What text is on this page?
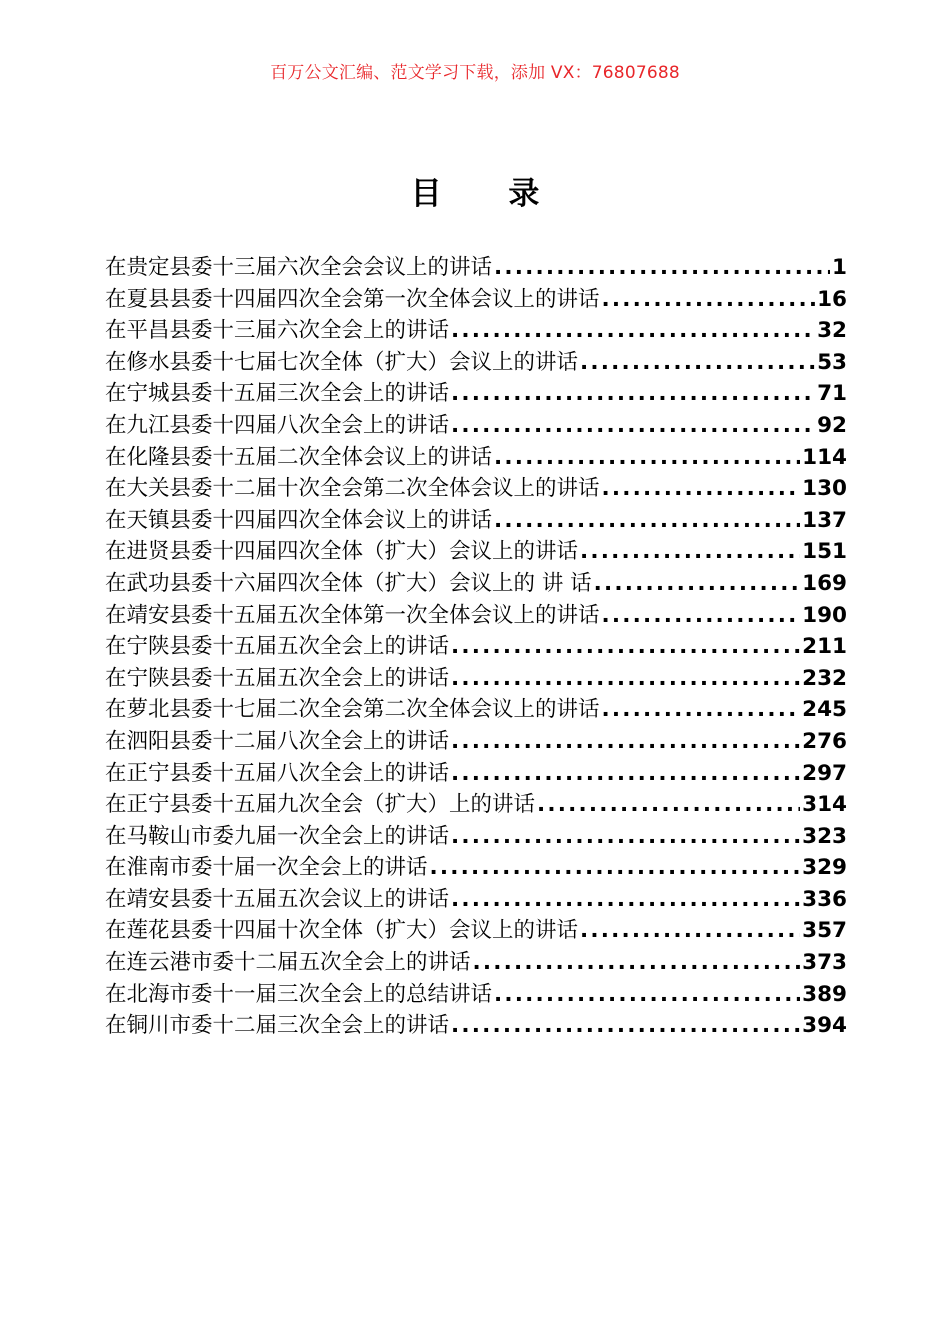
百万公文汇编、范文学习下载，添加 VX：76807688
目 录
在贵定县委十三届六次全会会议上的讲话 .....	1
在夏县县委十四届四次全会第一次全体会议上的讲话 .....	16
在平昌县委十三届六次全会上的讲话 .....	32
在修水县委十七届七次全体（扩大）会议上的讲话 .....	53
在宁城县委十五届三次全会上的讲话 .....	71
在九江县委十四届八次全会上的讲话 .....	92
在化隆县委十五届二次全体会议上的讲话 .....	114
在大关县委十二届十次全会第二次全体会议上的讲话 .....	130
在天镇县委十四届四次全体会议上的讲话 .....	137
在进贤县委十四届四次全体（扩大）会议上的讲话 .....	151
在武功县委十六届四次全体（扩大）会议上的 讲 话 .....	169
在靖安县委十五届五次全体第一次全体会议上的讲话 .....	190
在宁陕县委十五届五次全会上的讲话 .....	211
在宁陕县委十五届五次全会上的讲话 .....	232
在萝北县委十七届二次全会第二次全体会议上的讲话 .....	245
在泗阳县委十二届八次全会上的讲话 .....	276
在正宁县委十五届八次全会上的讲话 .....	297
在正宁县委十五届九次全会（扩大）上的讲话 .....	314
在马鞍山市委九届一次全会上的讲话 .....	323
在淮南市委十届一次全会上的讲话 .....	329
在靖安县委十五届五次会议上的讲话 .....	336
在莲花县委十四届十次全体（扩大）会议上的讲话 .....	357
在连云港市委十二届五次全会上的讲话 .....	373
在北海市委十一届三次全会上的总结讲话 .....	389
在铜川市委十二届三次全会上的讲话 .....	394
